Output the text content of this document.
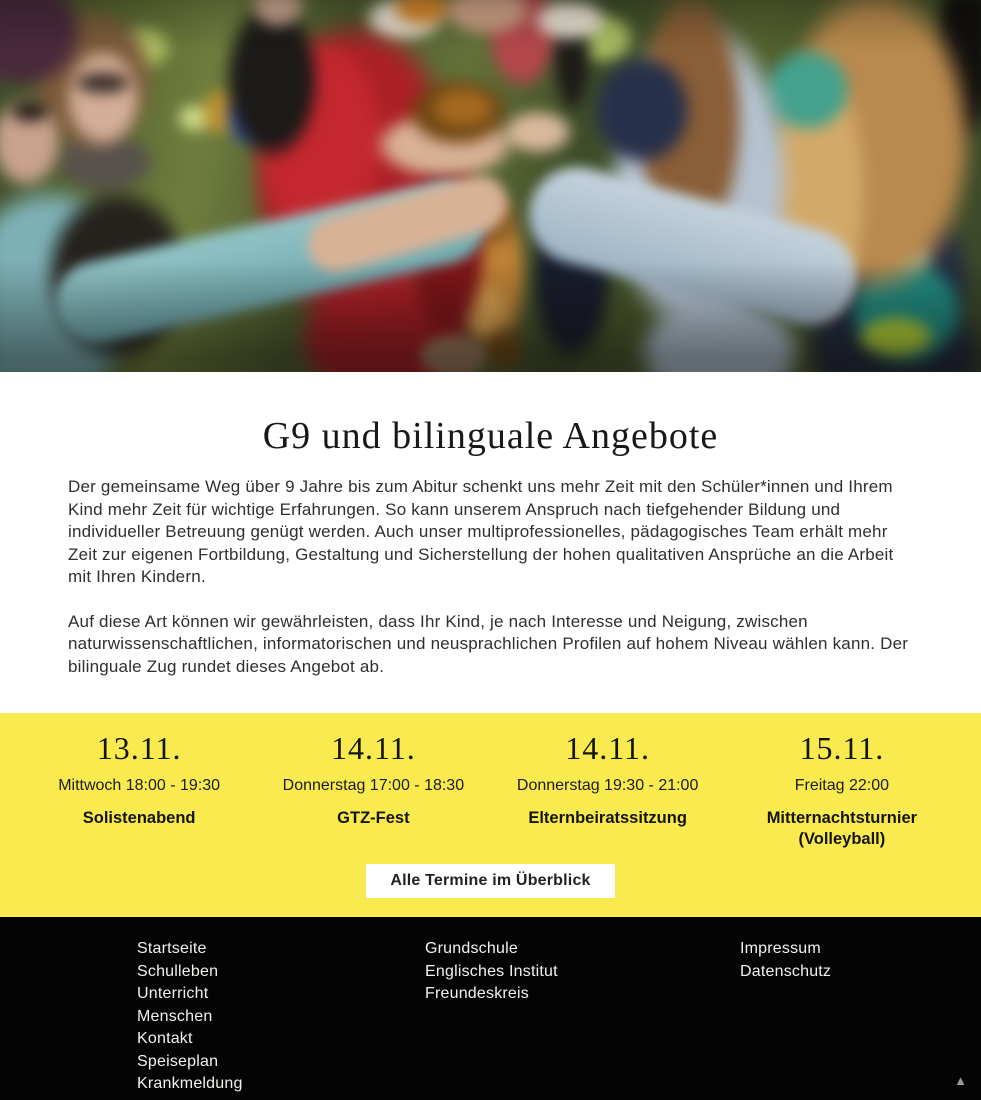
G9 und bilinguale Angebote

Der gemeinsame Weg über 9 Jahre bis zum Abitur schenkt uns mehr Zeit mit den Schüler*innen und Ihrem Kind mehr Zeit für wichtige Erfahrungen. So kann unserem Anspruch nach tiefgehender Bildung und individueller Betreuung genügt werden. Auch unser multiprofessionelles, pädagogisches Team erhält mehr Zeit zur eigenen Fortbildung, Gestaltung und Sicherstellung der hohen qualitativen Ansprüche an die Arbeit mit Ihren Kindern.

Auf diese Art können wir gewährleisten, dass Ihr Kind, je nach Interesse und Neigung, zwischen naturwissenschaftlichen, informatorischen und neusprachlichen Profilen auf hohem Niveau wählen kann. Der bilinguale Zug rundet dieses Angebot ab.

13.11.
Mittwoch 18:00 - 19:30
Solistenabend
14.11.
Donnerstag 17:00 - 18:30
GTZ-Fest
14.11.
Donnerstag 19:30 - 21:00
Elternbeiratssitzung
15.11.
Freitag 22:00
Mitternachtsturnier (Volleyball)
Alle Termine im Überblick
Startseite
Schulleben
Unterricht
Menschen
Kontakt
Speiseplan
Krankmeldung
Grundschule
Englisches Institut
Freundeskreis
Impressum
Datenschutz
▲
